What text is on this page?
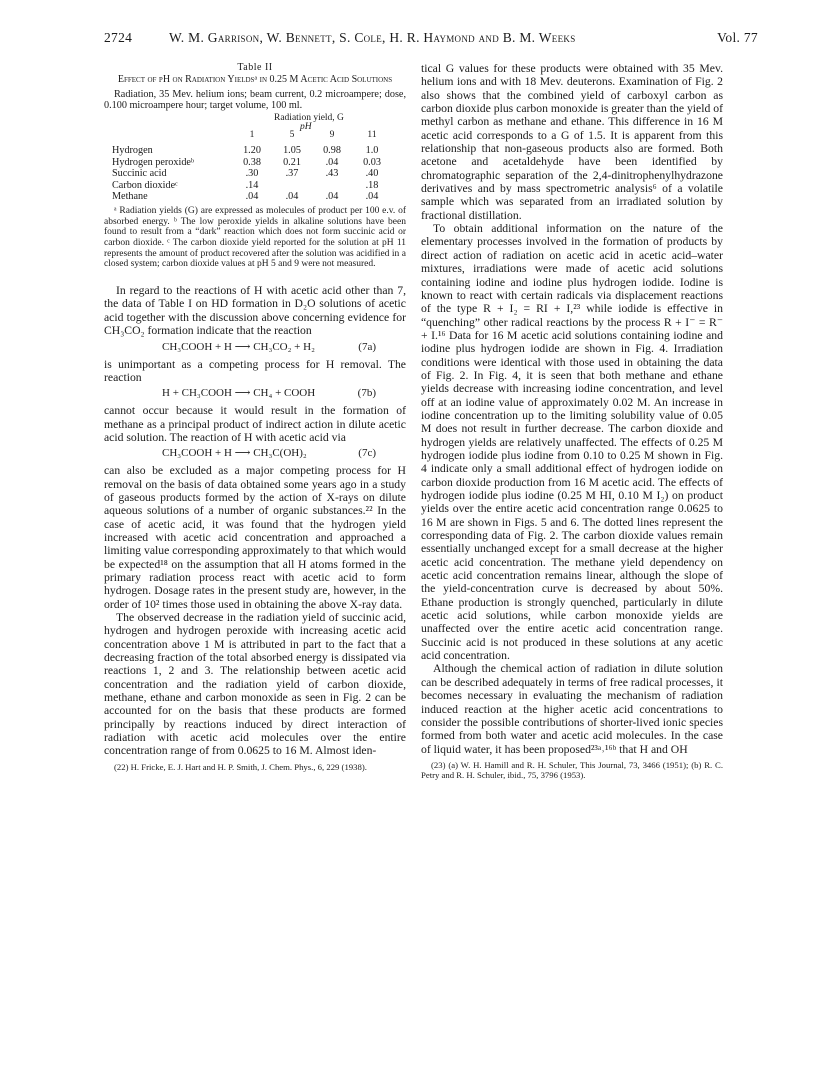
2724	W. M. Garrison, W. Bennett, S. Cole, H. R. Haymond and B. M. Weeks	Vol. 77
Table II
Effect of pH on Radiation Yieldsᵃ in 0.25 M Acetic Acid Solutions
Radiation, 35 Mev. helium ions; beam current, 0.2 microampere; dose, 0.100 microampere hour; target volume, 100 ml.
Radiation yield, G
pH
1	5	9	11
Hydrogen	1.20	1.05	0.98	1.0
Hydrogen peroxideᵇ	0.38	0.21	.04	0.03
Succinic acid	.30	.37	.43	.40
Carbon dioxideᶜ	.14			.18
Methane	.04	.04	.04	.04
ᵃ Radiation yields (G) are expressed as molecules of product per 100 e.v. of absorbed energy. ᵇ The low peroxide yields in alkaline solutions have been found to result from a “dark” reaction which does not form succinic acid or carbon dioxide. ᶜ The carbon dioxide yield reported for the solution at pH 11 represents the amount of product recovered after the solution was acidified in a closed system; carbon dioxide values at pH 5 and 9 were not measured.

In regard to the reactions of H with acetic acid other than 7, the data of Table I on HD formation in D₂O solutions of acetic acid together with the discussion above concerning evidence for CH₃CO₂ formation indicate that the reaction

CH₃COOH + H ⟶ CH₃CO₂ + H₂	(7a)

is unimportant as a competing process for H removal. The reaction

H + CH₃COOH ⟶ CH₄ + COOH	(7b)

cannot occur because it would result in the formation of methane as a principal product of indirect action in dilute acetic acid solution. The reaction of H with acetic acid via

CH₃COOH + H ⟶ CH₃C(OH)₂	(7c)

can also be excluded as a major competing process for H removal on the basis of data obtained some years ago in a study of gaseous products formed by the action of X-rays on dilute aqueous solutions of a number of organic substances.²² In the case of acetic acid, it was found that the hydrogen yield increased with acetic acid concentration and approached a limiting value corresponding approximately to that which would be expected¹⁸ on the assumption that all H atoms formed in the primary radiation process react with acetic acid to form hydrogen. Dosage rates in the present study are, however, in the order of 10² times those used in obtaining the above X-ray data.

The observed decrease in the radiation yield of succinic acid, hydrogen and hydrogen peroxide with increasing acetic acid concentration above 1 M is attributed in part to the fact that a decreasing fraction of the total absorbed energy is dissipated via reactions 1, 2 and 3. The relationship between acetic acid concentration and the radiation yield of carbon dioxide, methane, ethane and carbon monoxide as seen in Fig. 2 can be accounted for on the basis that these products are formed principally by reactions induced by direct interaction of radiation with acetic acid molecules over the entire concentration range of from 0.0625 to 16 M. Almost iden-

(22) H. Fricke, E. J. Hart and H. P. Smith, J. Chem. Phys., 6, 229 (1938).

tical G values for these products were obtained with 35 Mev. helium ions and with 18 Mev. deuterons. Examination of Fig. 2 also shows that the combined yield of carboxyl carbon as carbon dioxide plus carbon monoxide is greater than the yield of methyl carbon as methane and ethane. This difference in 16 M acetic acid corresponds to a G of 1.5. It is apparent from this relationship that non-gaseous products also are formed. Both acetone and acetaldehyde have been identified by chromatographic separation of the 2,4-dinitrophenylhydrazone derivatives and by mass spectrometric analysis⁶ of a volatile sample which was separated from an irradiated solution by fractional distillation.

To obtain additional information on the nature of the elementary processes involved in the formation of products by direct action of radiation on acetic acid in acetic acid–water mixtures, irradiations were made of acetic acid solutions containing iodine and iodine plus hydrogen iodide. Iodine is known to react with certain radicals via displacement reactions of the type R + I₂ = RI + I,²³ while iodide is effective in “quenching” other radical reactions by the process R + I⁻ = R⁻ + I.¹⁶ Data for 16 M acetic acid solutions containing iodine and iodine plus hydrogen iodide are shown in Fig. 4. Irradiation conditions were identical with those used in obtaining the data of Fig. 2. In Fig. 4, it is seen that both methane and ethane yields decrease with increasing iodine concentration, and level off at an iodine value of approximately 0.02 M. An increase in iodine concentration up to the limiting solubility value of 0.05 M does not result in further decrease. The carbon dioxide and hydrogen yields are relatively unaffected. The effects of 0.25 M hydrogen iodide plus iodine from 0.10 to 0.25 M shown in Fig. 4 indicate only a small additional effect of hydrogen iodide on carbon dioxide production from 16 M acetic acid. The effects of hydrogen iodide plus iodine (0.25 M HI, 0.10 M I₂) on product yields over the entire acetic acid concentration range 0.0625 to 16 M are shown in Figs. 5 and 6. The dotted lines represent the corresponding data of Fig. 2. The carbon dioxide values remain essentially unchanged except for a small decrease at the higher acetic acid concentration. The methane yield dependency on acetic acid concentration remains linear, although the slope of the yield-concentration curve is decreased by about 50%. Ethane production is strongly quenched, particularly in dilute acetic acid solutions, while carbon monoxide yields are unaffected over the entire acetic acid concentration range. Succinic acid is not produced in these solutions at any acetic acid concentration.

Although the chemical action of radiation in dilute solution can be described adequately in terms of free radical processes, it becomes necessary in evaluating the mechanism of radiation induced reaction at the higher acetic acid concentrations to consider the possible contributions of shorter-lived ionic species formed from both water and acetic acid molecules. In the case of liquid water, it has been proposed²³ᵃ˒¹⁶ᵇ that H and OH

(23) (a) W. H. Hamill and R. H. Schuler, This Journal, 73, 3466 (1951); (b) R. C. Petry and R. H. Schuler, ibid., 75, 3796 (1953).
